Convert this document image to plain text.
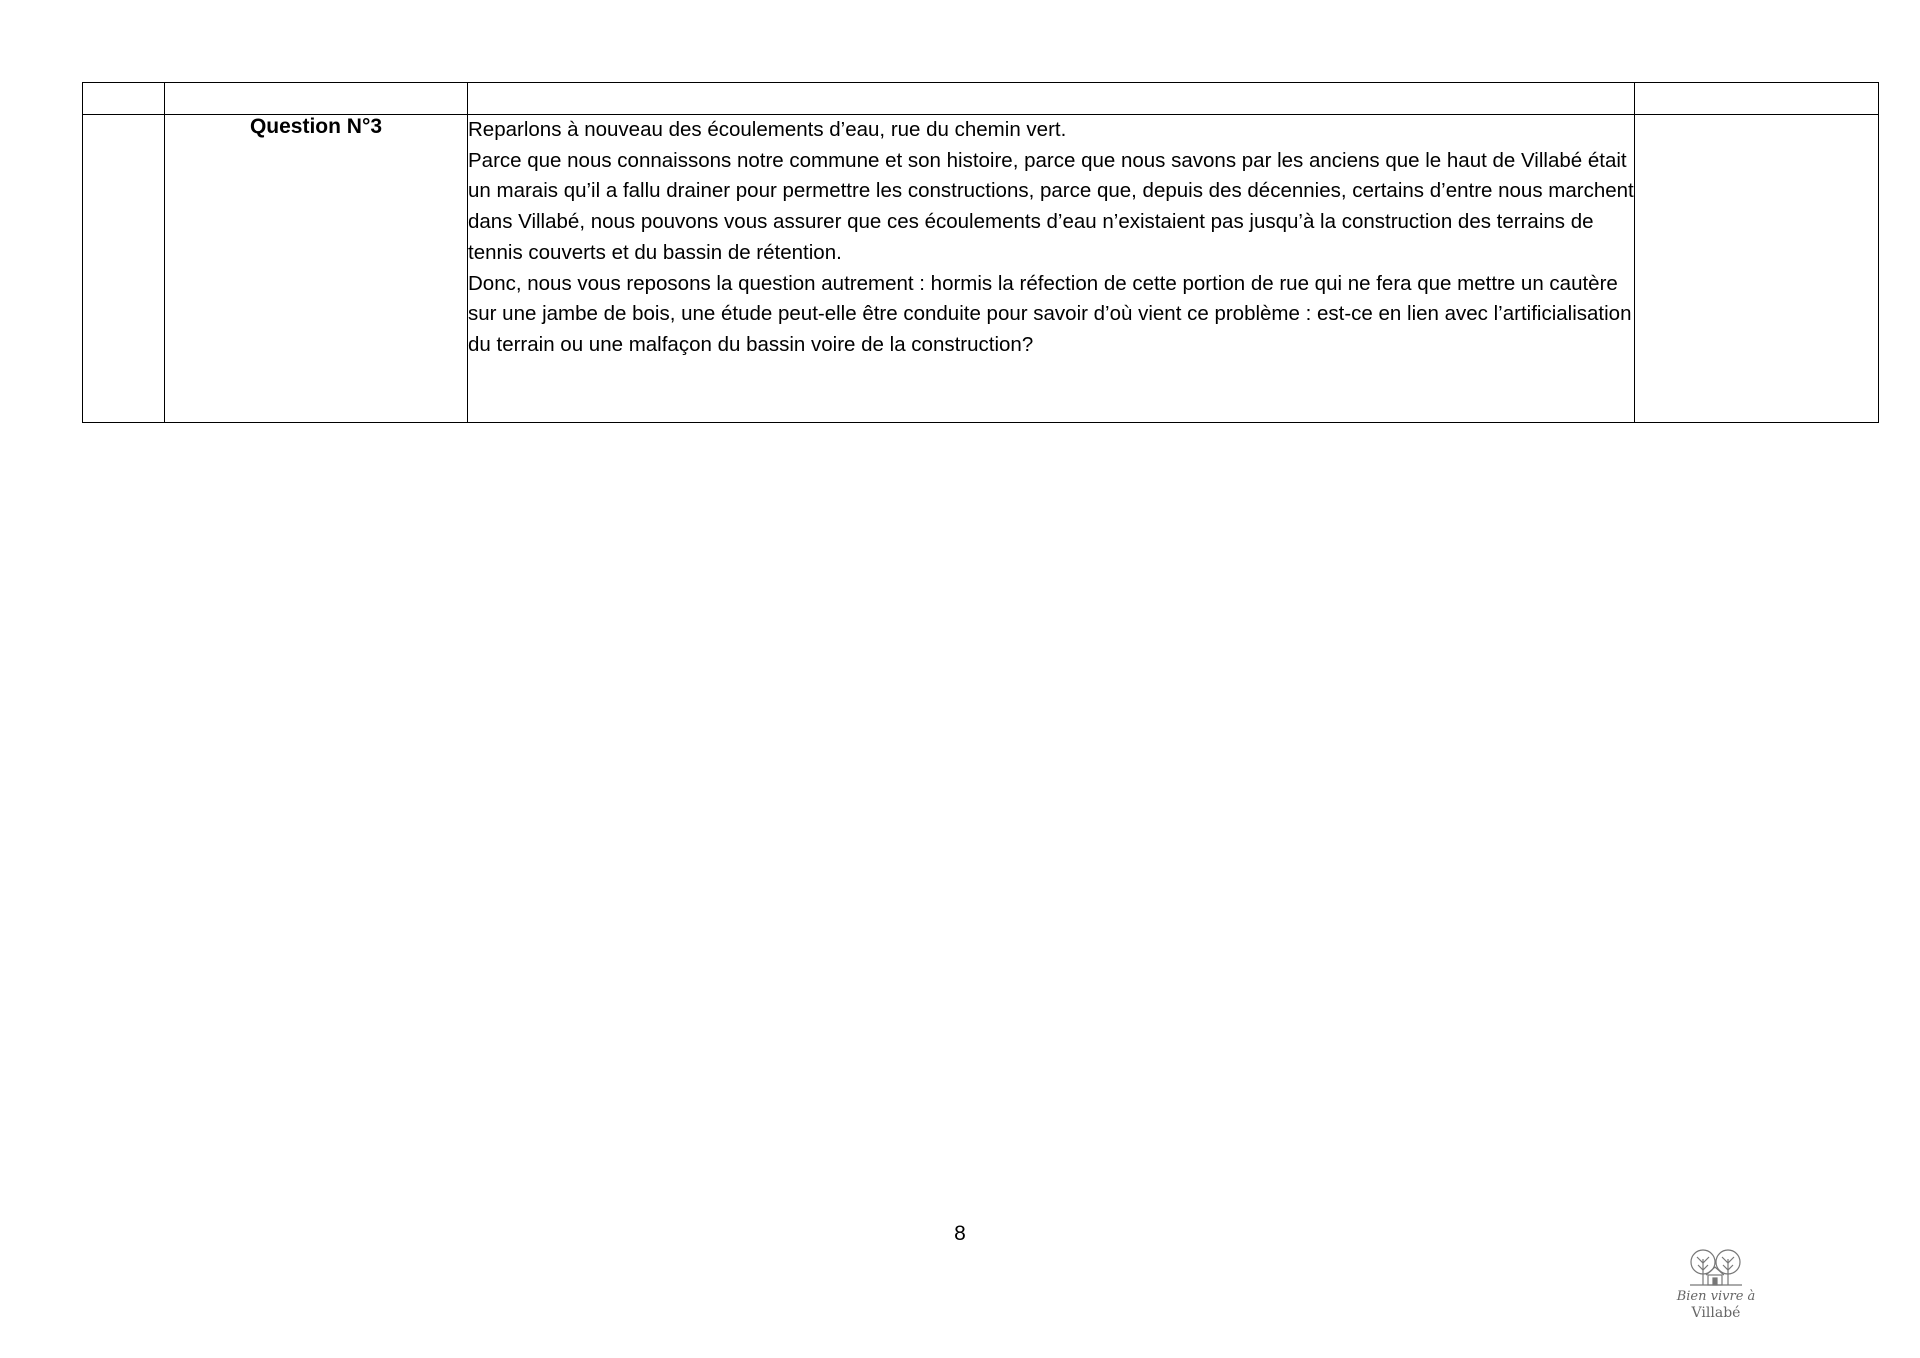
	Question N°3	Reparlons à nouveau des écoulements d’eau, rue du chemin vert.

Parce que nous connaissons notre commune et son histoire, parce que nous savons par les anciens que le haut de Villabé était un marais qu’il a fallu drainer pour permettre les constructions, parce que, depuis des décennies, certains d’entre nous marchent dans Villabé, nous pouvons vous assurer que ces écoulements d’eau n’existaient pas jusqu’à la construction des terrains de tennis couverts et du bassin de rétention.

Donc, nous vous reposons la question autrement : hormis la réfection de cette portion de rue qui ne fera que mettre un cautère sur une jambe de bois, une étude peut-elle être conduite pour savoir d’où vient ce problème : est-ce en lien avec l’artificialisation du terrain ou une malfaçon du bassin voire de la construction?	

8
Bien vivre à
Villabé
